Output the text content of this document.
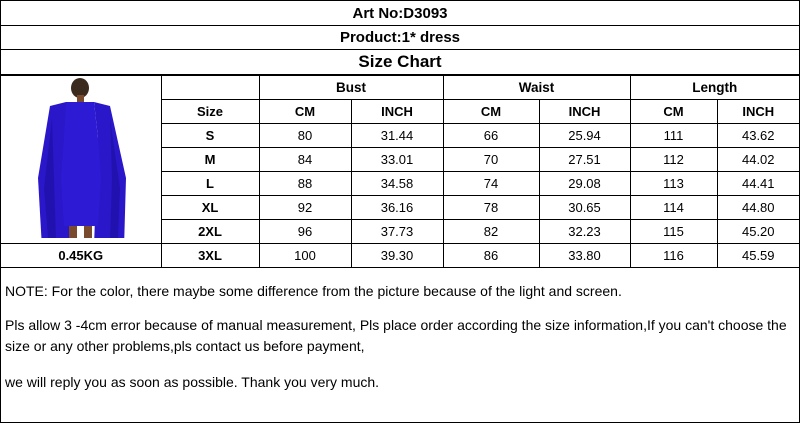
Art No:D3093
Product:1* dress
Size Chart
		Bust		Waist		Length	
	Size	CM	INCH	CM	INCH	CM	INCH
	S	80	31.44	66	25.94	111	43.62
	M	84	33.01	70	27.51	112	44.02
	L	88	34.58	74	29.08	113	44.41
	XL	92	36.16	78	30.65	114	44.80
	2XL	96	37.73	82	32.23	115	45.20
0.45KG	3XL	100	39.30	86	33.80	116	45.59

NOTE: For the color, there maybe some difference from the picture because of the light and screen.

Pls allow 3 -4cm error because of manual measurement, Pls place order according the size information,If you can't choose the size or any other problems,pls contact us before payment,

we will reply you as soon as possible. Thank you very much.
